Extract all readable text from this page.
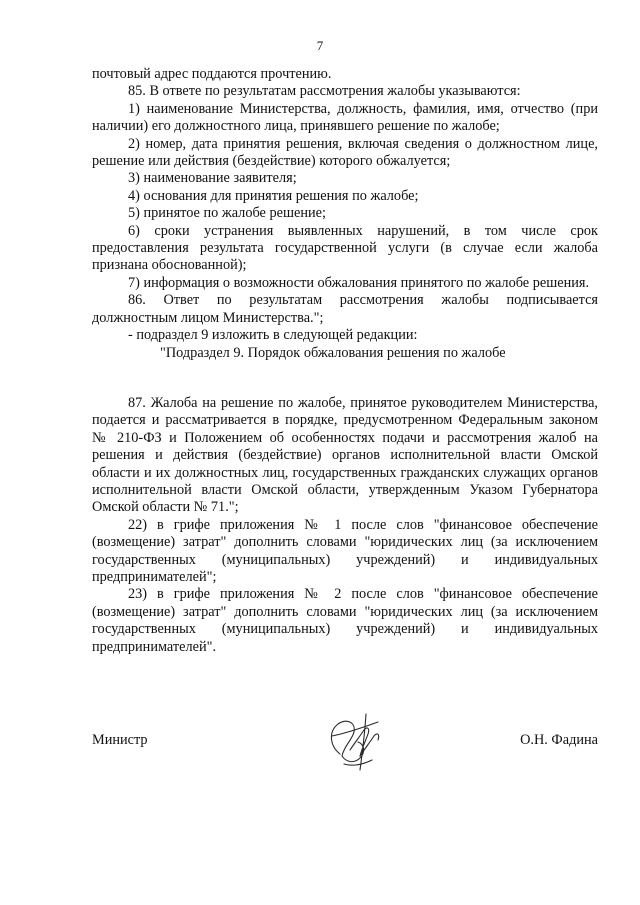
7

почтовый адрес поддаются прочтению.

85. В ответе по результатам рассмотрения жалобы указываются:

1) наименование Министерства, должность, фамилия, имя, отчество (при наличии) его должностного лица, принявшего решение по жалобе;

2) номер, дата принятия решения, включая сведения о должностном лице, решение или действия (бездействие) которого обжалуется;

3) наименование заявителя;

4) основания для принятия решения по жалобе;

5) принятое по жалобе решение;

6) сроки устранения выявленных нарушений, в том числе срок предоставления результата государственной услуги (в случае если жалоба признана обоснованной);

7) информация о возможности обжалования принятого по жалобе решения.

86. Ответ по результатам рассмотрения жалобы подписывается должностным лицом Министерства.";

- подраздел 9 изложить в следующей редакции:

"Подраздел 9. Порядок обжалования решения по жалобе

87. Жалоба на решение по жалобе, принятое руководителем Министерства, подается и рассматривается в порядке, предусмотренном Федеральным законом № 210-ФЗ и Положением об особенностях подачи и рассмотрения жалоб на решения и действия (бездействие) органов исполнительной власти Омской области и их должностных лиц, государственных гражданских служащих органов исполнительной власти Омской области, утвержденным Указом Губернатора Омской области № 71.";

22) в грифе приложения № 1 после слов "финансовое обеспечение (возмещение) затрат" дополнить словами "юридических лиц (за исключением государственных (муниципальных) учреждений) и индивидуальных предпринимателей";

23) в грифе приложения № 2 после слов "финансовое обеспечение (возмещение) затрат" дополнить словами "юридических лиц (за исключением государственных (муниципальных) учреждений) и индивидуальных предпринимателей".

Министр	О.Н. Фадина
